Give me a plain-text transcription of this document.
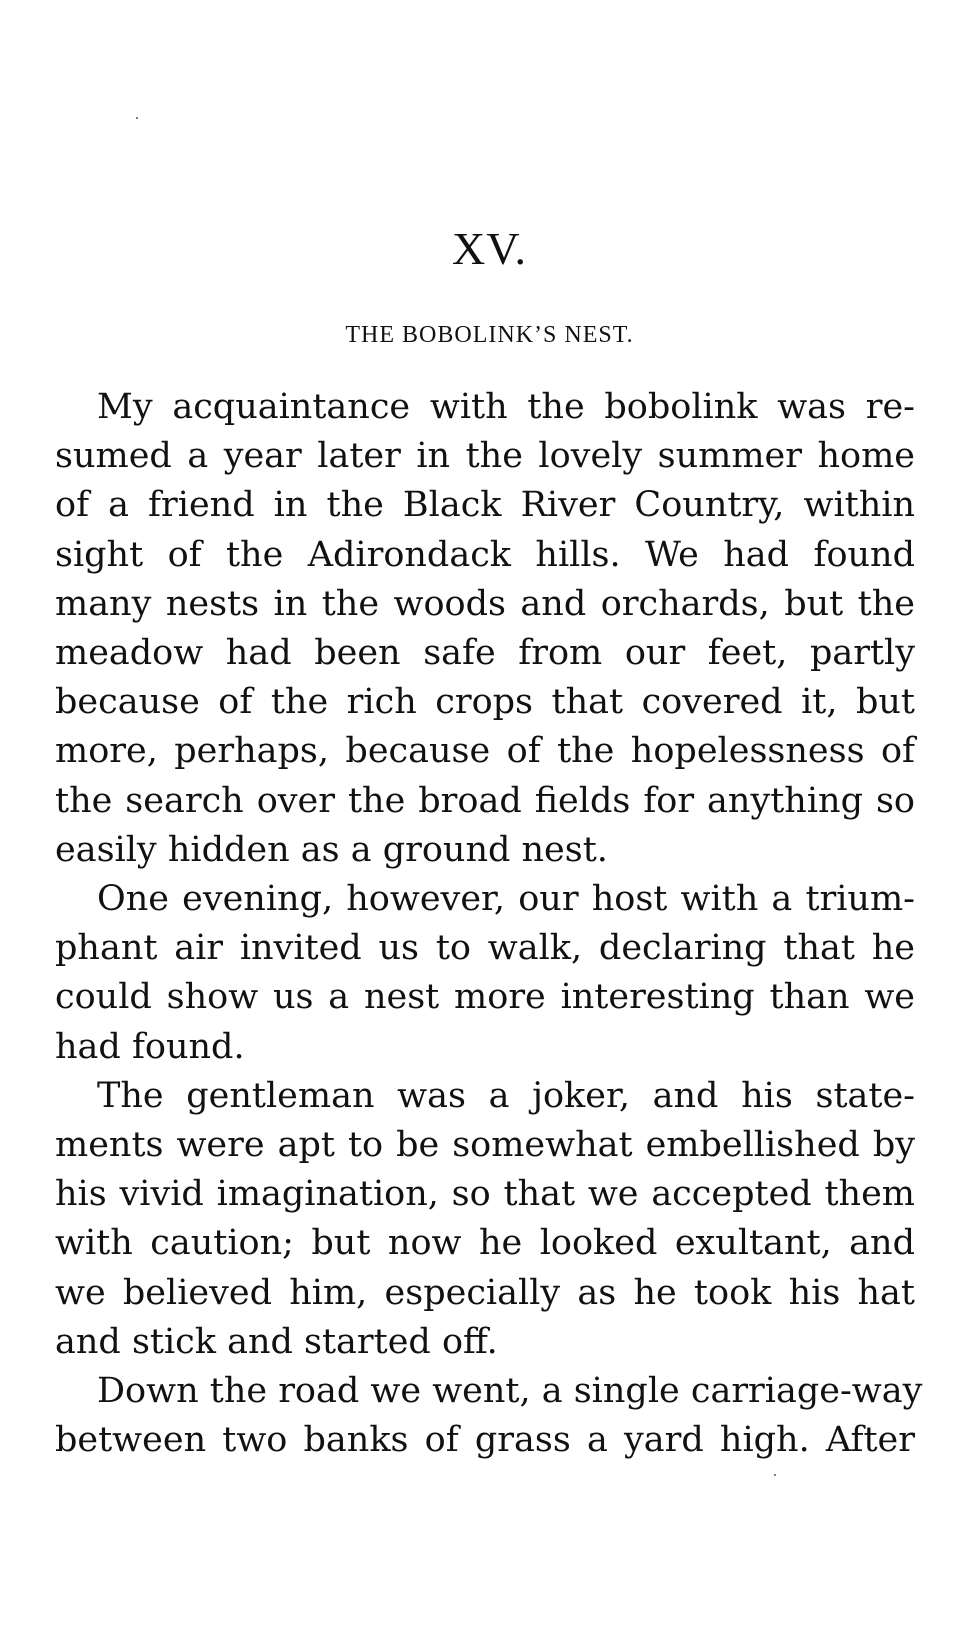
XV.
THE BOBOLINK’S NEST.
My acquaintance with the bobolink was re-
sumed a year later in the lovely summer home
of a friend in the Black River Country, within
sight of the Adirondack hills. We had found
many nests in the woods and orchards, but the
meadow had been safe from our feet, partly
because of the rich crops that covered it, but
more, perhaps, because of the hopelessness of
the search over the broad fields for anything so
easily hidden as a ground nest.
One evening, however, our host with a trium-
phant air invited us to walk, declaring that he
could show us a nest more interesting than we
had found.
The gentleman was a joker, and his state-
ments were apt to be somewhat embellished by
his vivid imagination, so that we accepted them
with caution; but now he looked exultant, and
we believed him, especially as he took his hat
and stick and started off.
Down the road we went, a single carriage-way
between two banks of grass a yard high. After
